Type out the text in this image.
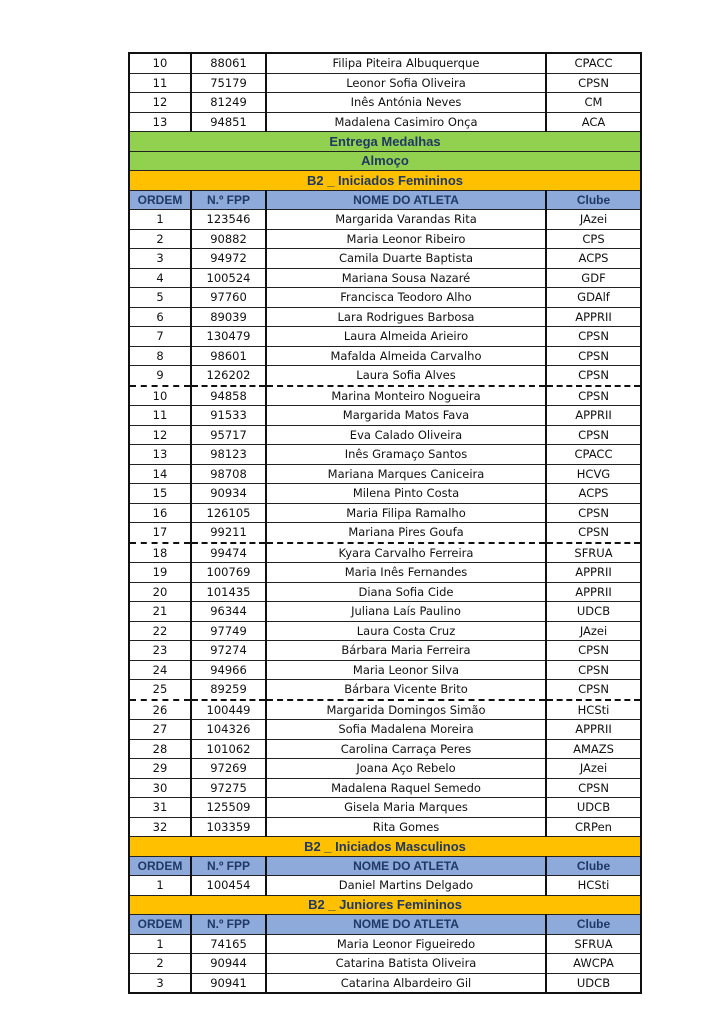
10	88061	Filipa Piteira Albuquerque	CPACC
11	75179	Leonor Sofia Oliveira	CPSN
12	81249	Inês Antónia Neves	CM
13	94851	Madalena Casimiro Onça	ACA
Entrega Medalhas			
Almoço			
B2 _ Iniciados Femininos			
ORDEM	N.º FPP	NOME DO ATLETA	Clube
1	123546	Margarida Varandas Rita	JAzei
2	90882	Maria Leonor Ribeiro	CPS
3	94972	Camila Duarte Baptista	ACPS
4	100524	Mariana Sousa Nazaré	GDF
5	97760	Francisca Teodoro Alho	GDAlf
6	89039	Lara Rodrigues Barbosa	APPRII
7	130479	Laura Almeida Arieiro	CPSN
8	98601	Mafalda Almeida Carvalho	CPSN
9	126202	Laura Sofia Alves	CPSN
10	94858	Marina Monteiro Nogueira	CPSN
11	91533	Margarida Matos Fava	APPRII
12	95717	Eva Calado Oliveira	CPSN
13	98123	Inês Gramaço Santos	CPACC
14	98708	Mariana Marques Caniceira	HCVG
15	90934	Milena Pinto Costa	ACPS
16	126105	Maria Filipa Ramalho	CPSN
17	99211	Mariana Pires Goufa	CPSN
18	99474	Kyara Carvalho Ferreira	SFRUA
19	100769	Maria Inês Fernandes	APPRII
20	101435	Diana Sofia Cide	APPRII
21	96344	Juliana Laís Paulino	UDCB
22	97749	Laura Costa Cruz	JAzei
23	97274	Bárbara Maria Ferreira	CPSN
24	94966	Maria Leonor Silva	CPSN
25	89259	Bárbara Vicente Brito	CPSN
26	100449	Margarida Domingos Simão	HCSti
27	104326	Sofia Madalena Moreira	APPRII
28	101062	Carolina Carraça Peres	AMAZS
29	97269	Joana Aço Rebelo	JAzei
30	97275	Madalena Raquel Semedo	CPSN
31	125509	Gisela Maria Marques	UDCB
32	103359	Rita Gomes	CRPen
B2 _ Iniciados Masculinos			
ORDEM	N.º FPP	NOME DO ATLETA	Clube
1	100454	Daniel Martins Delgado	HCSti
B2 _ Juniores Femininos			
ORDEM	N.º FPP	NOME DO ATLETA	Clube
1	74165	Maria Leonor Figueiredo	SFRUA
2	90944	Catarina Batista Oliveira	AWCPA
3	90941	Catarina Albardeiro Gil	UDCB
